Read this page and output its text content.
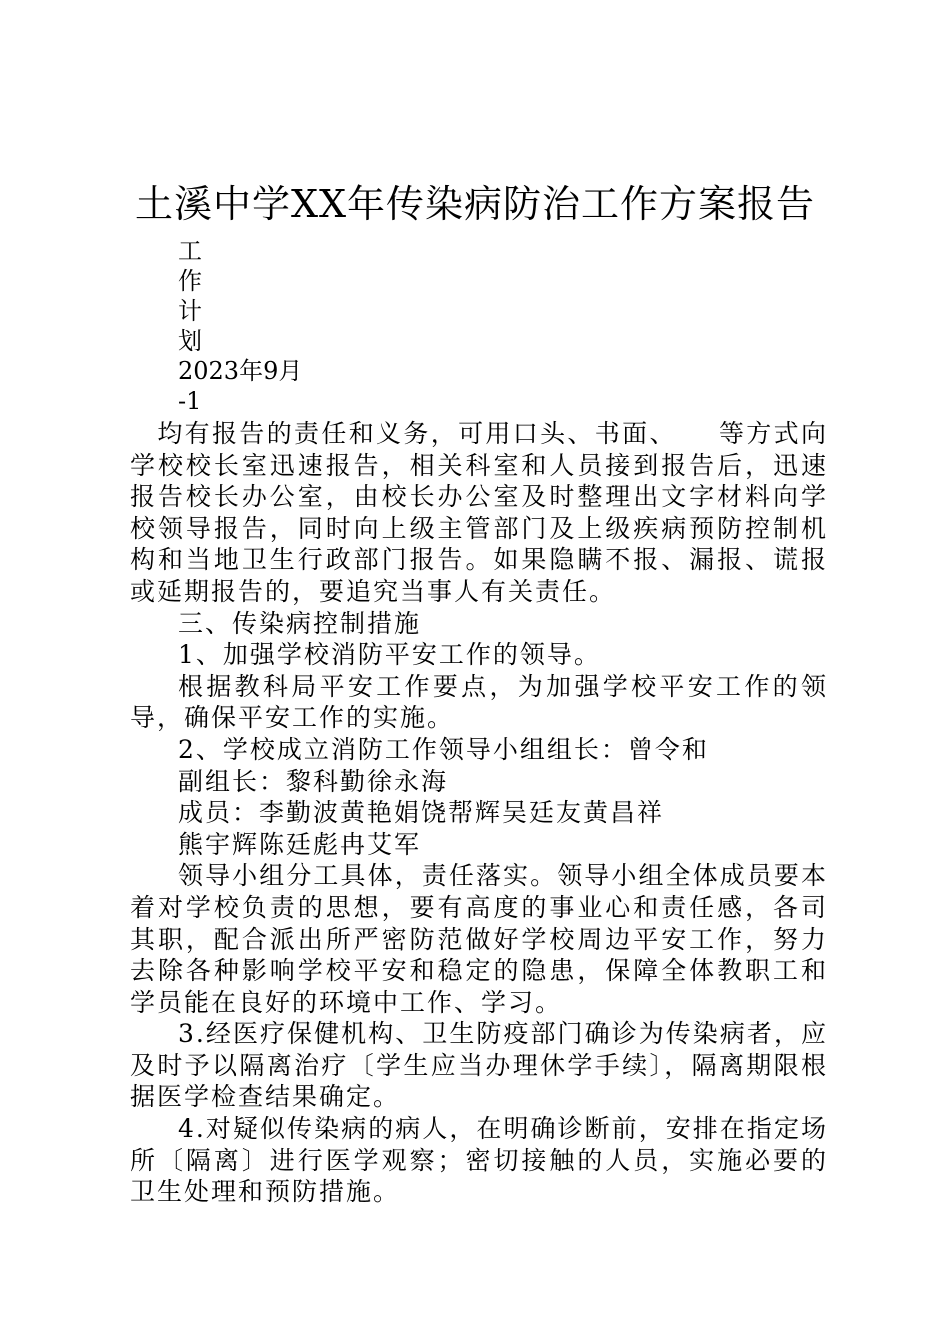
土溪中学XX年传染病防治工作方案报告
工
作
计
划
2023年9月
-1

　均有报告的责任和义务，可用口头、书面、　　等方式向学校校长室迅速报告，相关科室和人员接到报告后，迅速报告校长办公室，由校长办公室及时整理出文字材料向学校领导报告，同时向上级主管部门及上级疾病预防控制机构和当地卫生行政部门报告。如果隐瞒不报、漏报、谎报或延期报告的，要追究当事人有关责任。

三、传染病控制措施

1、加强学校消防平安工作的领导。

根据教科局平安工作要点，为加强学校平安工作的领导，确保平安工作的实施。

2、学校成立消防工作领导小组组长：曾令和

副组长：黎科勤徐永海

成员：李勤波黄艳娟饶帮辉吴廷友黄昌祥

熊宇辉陈廷彪冉艾军

领导小组分工具体，责任落实。领导小组全体成员要本着对学校负责的思想，要有高度的事业心和责任感，各司其职，配合派出所严密防范做好学校周边平安工作，努力去除各种影响学校平安和稳定的隐患，保障全体教职工和学员能在良好的环境中工作、学习。

3.经医疗保健机构、卫生防疫部门确诊为传染病者，应及时予以隔离治疗〔学生应当办理休学手续〕，隔离期限根据医学检查结果确定。

4.对疑似传染病的病人，在明确诊断前，安排在指定场所〔隔离〕进行医学观察；密切接触的人员，实施必要的卫生处理和预防措施。
